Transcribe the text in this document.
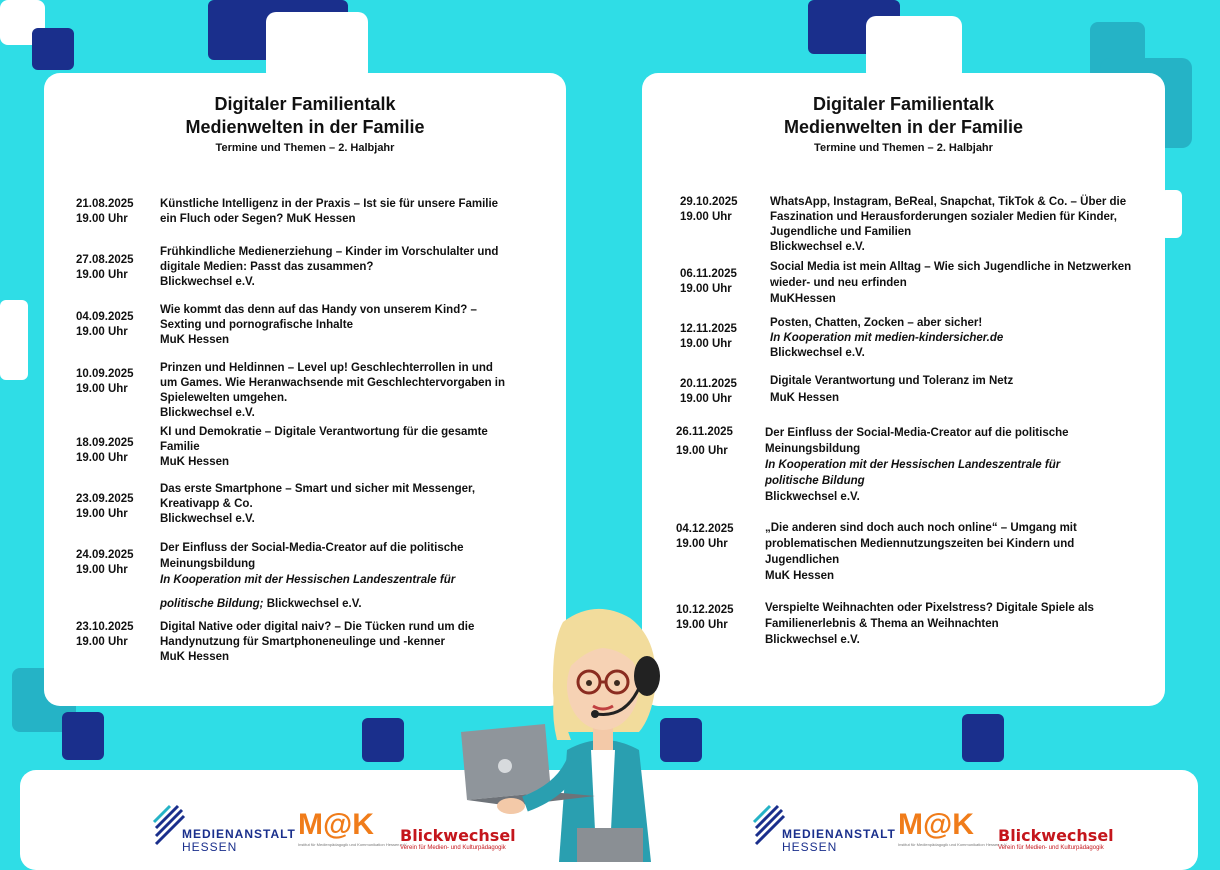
Digitaler Familientalk
Medienwelten in der Familie
Termine und Themen – 2. Halbjahr
21.08.2025
19.00 Uhr
Künstliche Intelligenz in der Praxis – Ist sie für unsere Familie
ein Fluch oder Segen? MuK Hessen
27.08.2025
19.00 Uhr
Frühkindliche Medienerziehung – Kinder im Vorschulalter und
digitale Medien: Passt das zusammen?
Blickwechsel e.V.
04.09.2025
19.00 Uhr
Wie kommt das denn auf das Handy von unserem Kind? –
Sexting und pornografische Inhalte
MuK Hessen
10.09.2025
19.00 Uhr
Prinzen und Heldinnen – Level up! Geschlechterrollen in und
um Games. Wie Heranwachsende mit Geschlechtervorgaben in
Spielewelten umgehen.
Blickwechsel e.V.
18.09.2025
19.00 Uhr
KI und Demokratie – Digitale Verantwortung für die gesamte
Familie
MuK Hessen
23.09.2025
19.00 Uhr
Das erste Smartphone – Smart und sicher mit Messenger,
Kreativapp & Co.
Blickwechsel e.V.
24.09.2025
19.00 Uhr
Der Einfluss der Social-Media-Creator auf die politische
Meinungsbildung
In Kooperation mit der Hessischen Landeszentrale für
politische Bildung; Blickwechsel e.V.
23.10.2025
19.00 Uhr
Digital Native oder digital naiv? – Die Tücken rund um die
Handynutzung für Smartphoneneulinge und -kenner
MuK Hessen
Digitaler Familientalk
Medienwelten in der Familie
Termine und Themen – 2. Halbjahr
29.10.2025
19.00 Uhr
WhatsApp, Instagram, BeReal, Snapchat, TikTok & Co. – Über die
Faszination und Herausforderungen sozialer Medien für Kinder,
Jugendliche und Familien
Blickwechsel e.V.
06.11.2025
19.00 Uhr
Social Media ist mein Alltag – Wie sich Jugendliche in Netzwerken
wieder- und neu erfinden
MuKHessen
12.11.2025
19.00 Uhr
Posten, Chatten, Zocken – aber sicher!
In Kooperation mit medien-kindersicher.de
Blickwechsel e.V.
20.11.2025
19.00 Uhr
Digitale Verantwortung und Toleranz im Netz
MuK Hessen
26.11.2025
19.00 Uhr
Der Einfluss der Social-Media-Creator auf die politische
Meinungsbildung
In Kooperation mit der Hessischen Landeszentrale für
politische Bildung
Blickwechsel e.V.
04.12.2025
19.00 Uhr
„Die anderen sind doch auch noch online“ – Umgang mit
problematischen Mediennutzungszeiten bei Kindern und
Jugendlichen
MuK Hessen
10.12.2025
19.00 Uhr
Verspielte Weihnachten oder Pixelstress? Digitale Spiele als
Familienerlebnis & Thema an Weihnachten
Blickwechsel e.V.
MEDIENANSTALT
HESSEN
M@K
Institut für Medienpädagogik und Kommunikation Hessen e.V.
Blickwechsel
Verein für Medien- und Kulturpädagogik
MEDIENANSTALT
HESSEN
M@K
Institut für Medienpädagogik und Kommunikation Hessen e.V.
Blickwechsel
Verein für Medien- und Kulturpädagogik
